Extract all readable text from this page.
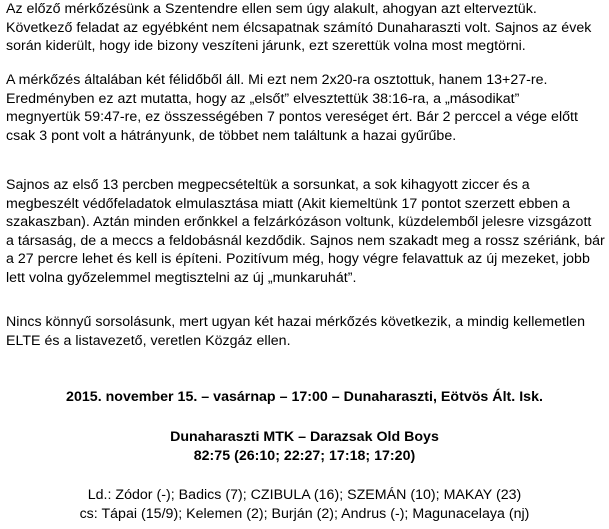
Az előző mérkőzésünk a Szentendre ellen sem úgy alakult, ahogyan azt elterveztük.
Következő feladat az egyébként nem élcsapatnak számító Dunaharaszti volt. Sajnos az évek
során kiderült, hogy ide bizony veszíteni járunk, ezt szerettük volna most megtörni.
A mérkőzés általában két félidőből áll. Mi ezt nem 2x20-ra osztottuk, hanem 13+27-re.
Eredményben ez azt mutatta, hogy az „elsőt” elvesztettük 38:16-ra, a „másodikat”
megnyertük 59:47-re, ez összességében 7 pontos vereséget ért. Bár 2 perccel a vége előtt
csak 3 pont volt a hátrányunk, de többet nem találtunk a hazai gyűrűbe.
Sajnos az első 13 percben megpecsételtük a sorsunkat, a sok kihagyott ziccer és a
megbeszélt védőfeladatok elmulasztása miatt (Akit kiemeltünk 17 pontot szerzett ebben a
szakaszban). Aztán minden erőnkkel a felzárkózáson voltunk, küzdelemből jelesre vizsgázott
a társaság, de a meccs a feldobásnál kezdődik. Sajnos nem szakadt meg a rossz szériánk, bár
a 27 percre lehet és kell is építeni. Pozitívum még, hogy végre felavattuk az új mezeket, jobb
lett volna győzelemmel megtisztelni az új „munkaruhát”.
Nincs könnyű sorsolásunk, mert ugyan két hazai mérkőzés következik, a mindig kellemetlen
ELTE és a listavezető, veretlen Közgáz ellen.
2015. november 15. – vasárnap – 17:00 – Dunaharaszti, Eötvös Ált. Isk.
Dunaharaszti MTK – Darazsak Old Boys
82:75 (26:10; 22:27; 17:18; 17:20)
Ld.: Zódor (-); Badics (7); CZIBULA (16); SZEMÁN (10); MAKAY (23)
cs: Tápai (15/9); Kelemen (2); Burján (2); Andrus (-); Magunacelaya (nj)
